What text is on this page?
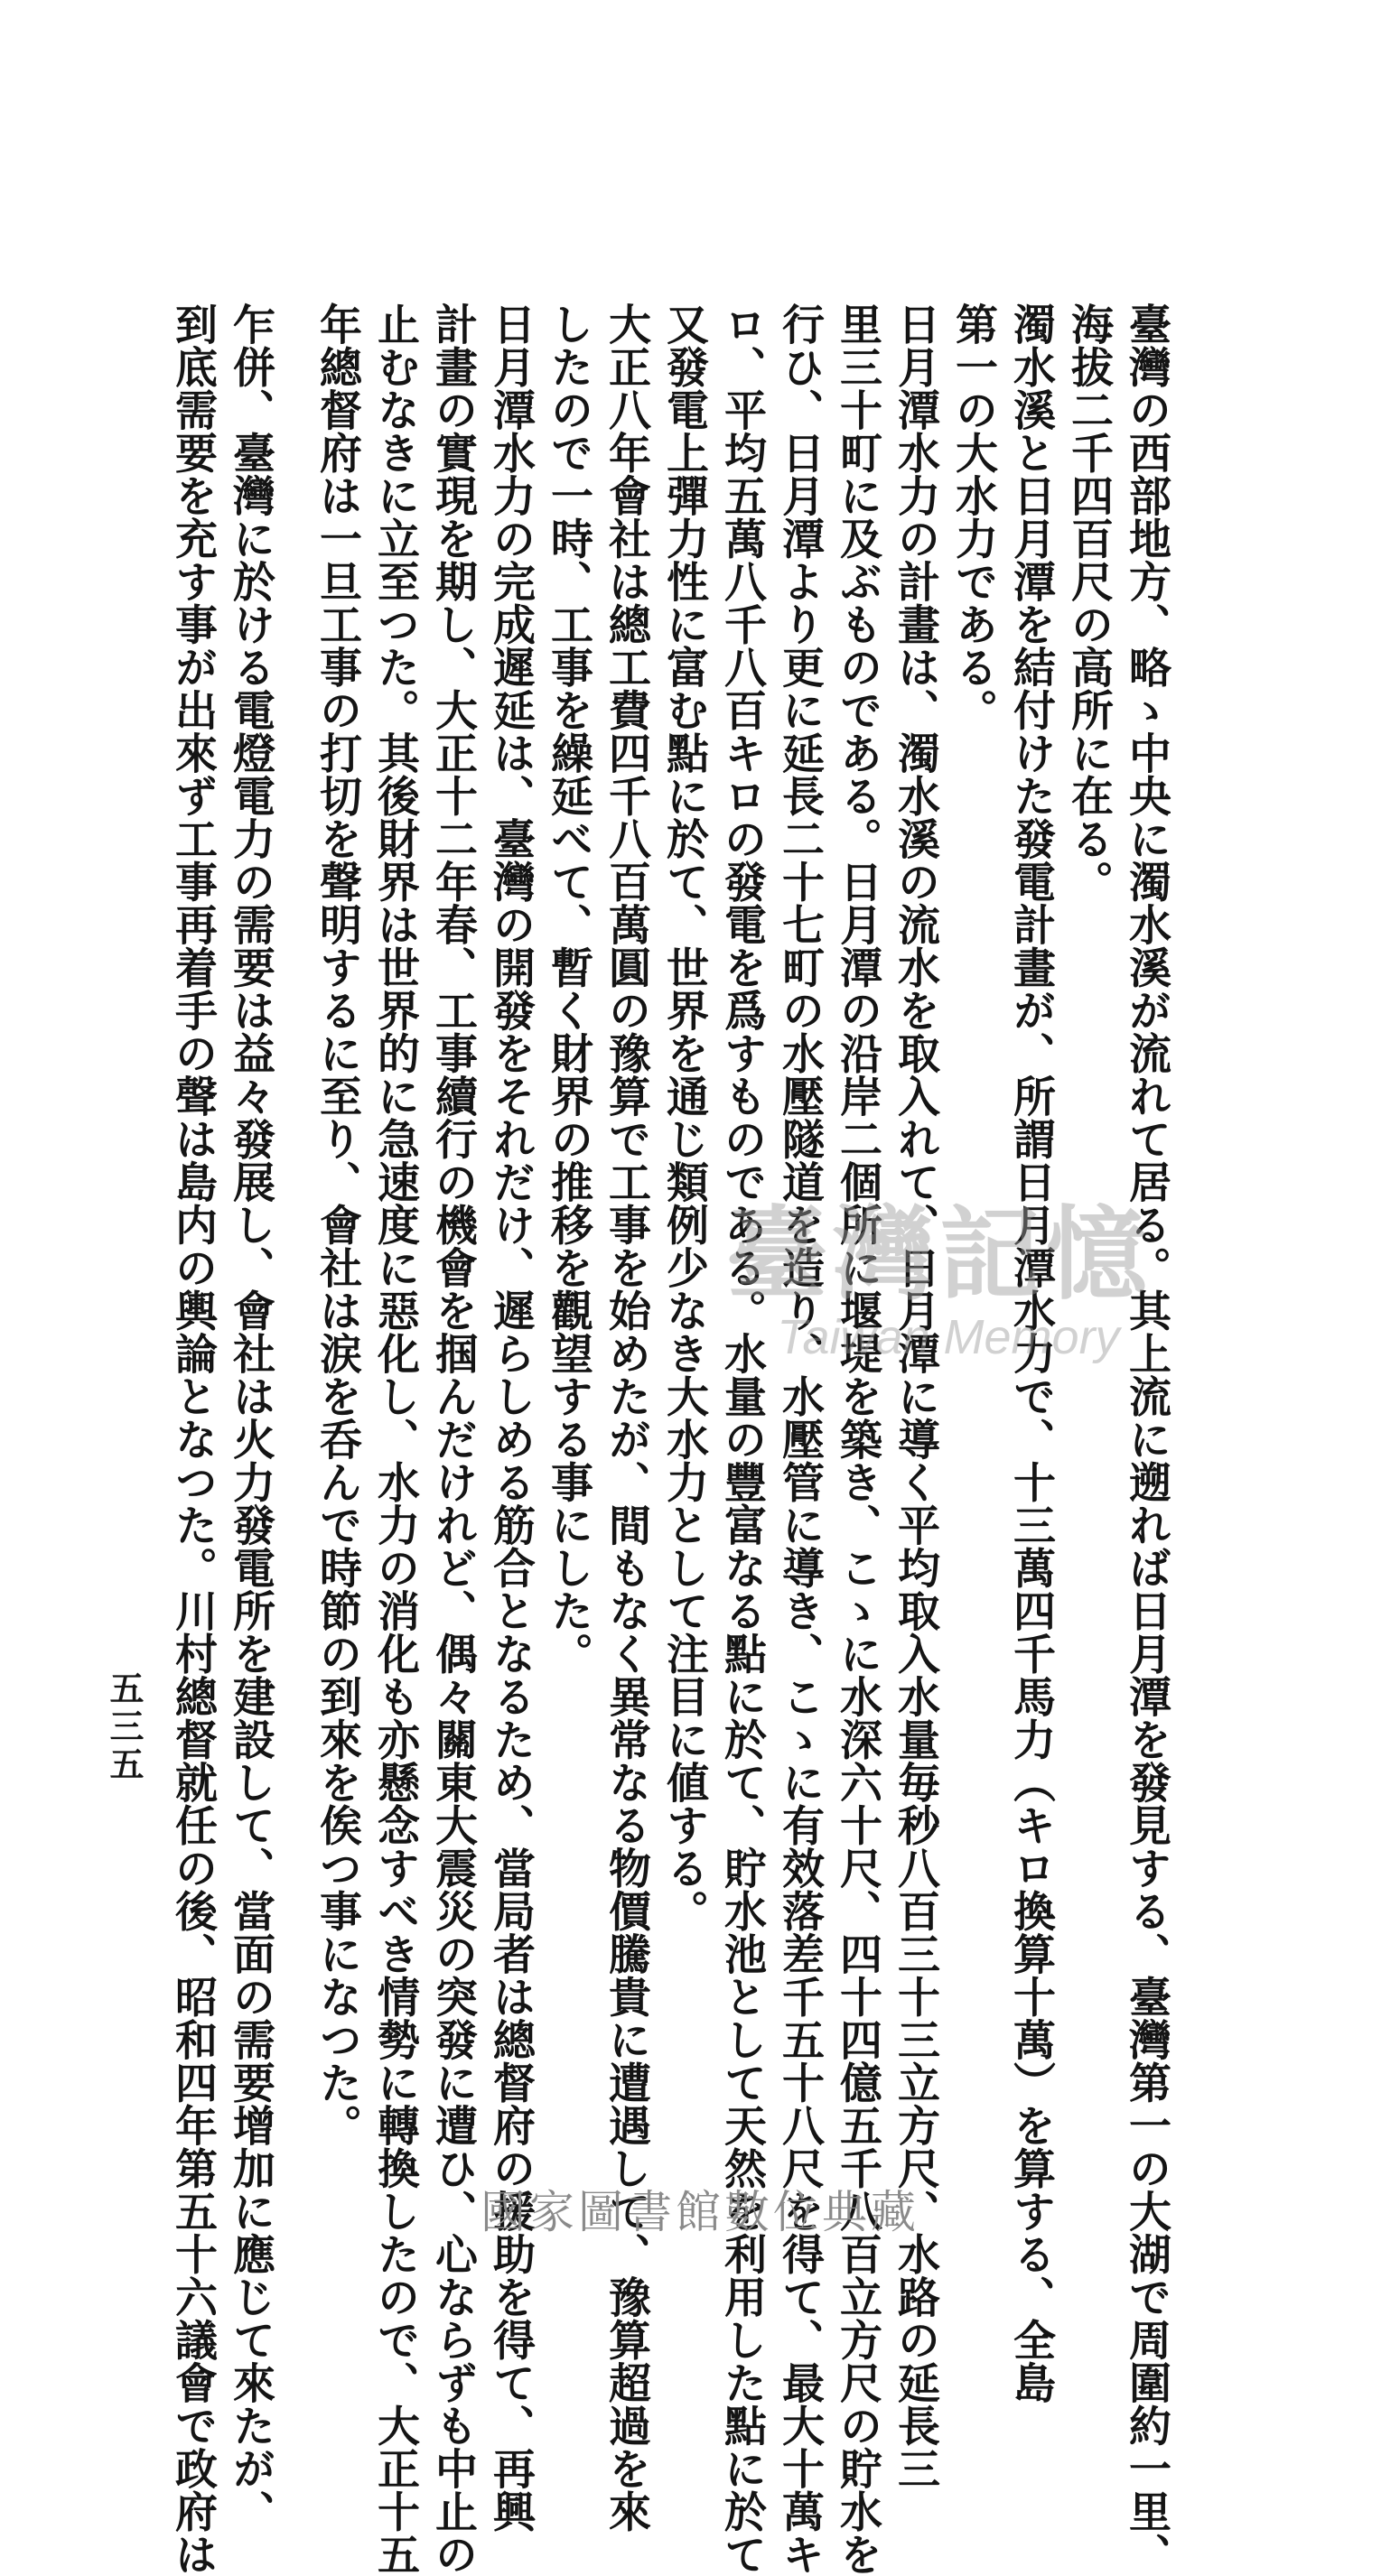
臺灣の西部地方、略ゝ中央に濁水溪が流れて居る。其上流に遡れば日月潭を發見する、臺灣第一の大湖で周圍約一里、
海拔二千四百尺の高所に在る。
濁水溪と日月潭を結付けた發電計畫が、所謂日月潭水力で、十三萬四千馬力（キロ換算十萬）を算する、全島
第一の大水力である。
日月潭水力の計畫は、濁水溪の流水を取入れて、日月潭に導く平均取入水量毎秒八百三十三立方尺、水路の延長三
里三十町に及ぶものである。日月潭の沿岸二個所に堰堤を築き、こゝに水深六十尺、四十四億五千八百立方尺の貯水を
行ひ、日月潭より更に延長二十七町の水壓隧道を造り、水壓管に導き、こゝに有效落差千五十八尺を得て、最大十萬キ
ロ、平均五萬八千八百キロの發電を爲すものである。水量の豐富なる點に於て、貯水池として天然を利用した點に於て
又發電上彈力性に富む點に於て、世界を通じ類例少なき大水力として注目に値する。
大正八年會社は總工費四千八百萬圓の豫算で工事を始めたが、間もなく異常なる物價騰貴に遭遇して、豫算超過を來
したので一時、工事を繰延べて、暫く財界の推移を觀望する事にした。
日月潭水力の完成遲延は、臺灣の開發をそれだけ、遲らしめる筋合となるため、當局者は總督府の援助を得て、再興
計畫の實現を期し、大正十二年春、工事續行の機會を掴んだけれど、偶々關東大震災の突發に遭ひ、心ならずも中止の
止むなきに立至つた。其後財界は世界的に急速度に惡化し、水力の消化も亦懸念すべき情勢に轉換したので、大正十五
年總督府は一旦工事の打切を聲明するに至り、會社は涙を呑んで時節の到來を俟つ事になつた。
乍併、臺灣に於ける電燈電力の需要は益々發展し、會社は火力發電所を建設して、當面の需要增加に應じて來たが、
到底需要を充す事が出來ず工事再着手の聲は島内の輿論となつた。川村總督就任の後、昭和四年第五十六議會で政府は
五三五
臺灣記憶
Taiwan Memory
國家圖書館數位典藏
